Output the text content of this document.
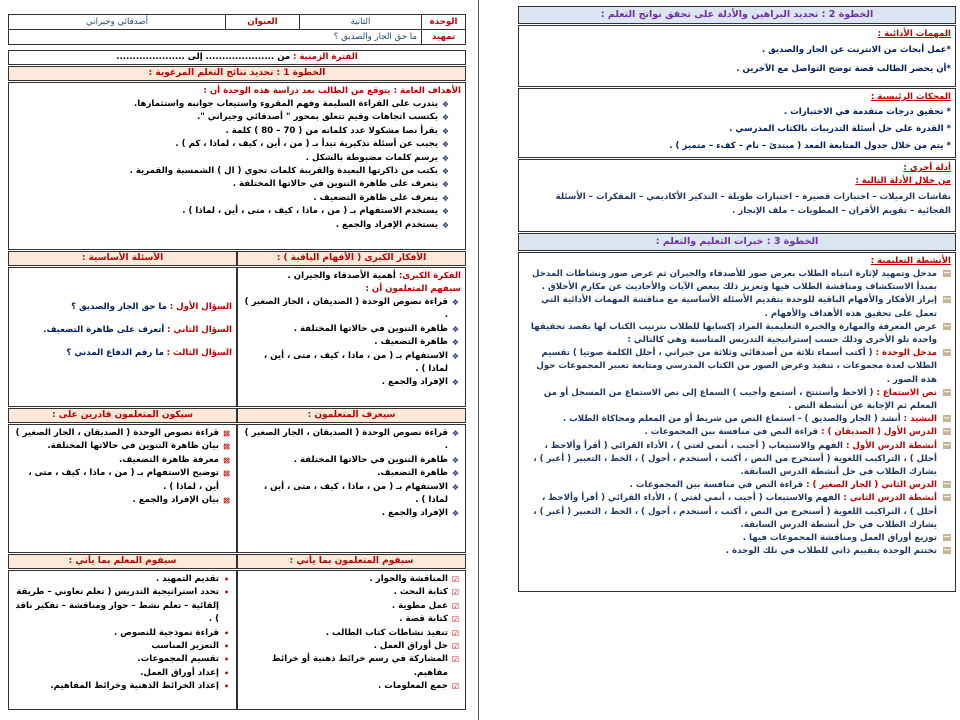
الوحدة	الثانية	العنوان	أصدقائي وجيراني
تمهيد	ما حق الجار والصديق ؟		
الفترة الزمنية : من ..................... إلى .....................
الخطوة 1 : تحديد نتائج التعلم المرغوبة :
الأهداف العامة : يتوقع من الطالب بعد دراسة هذه الوحدة أن :
❖
يتدرب على القراءة السليمة وفهم المقروء واستيعاب جوانبه واستثمارها.
❖
يكتسب اتجاهات وقيم تتعلق بمحور " أصدقائي وجيراني ".
❖
يقرأ نصا مشكولا عدد كلماته من ( 70 – 80 ) كلمة .
❖
يجيب عن أسئلة تذكيرية تبدأ بـ ( من ، أين ، كيف ، لماذا ، كم ) .
❖
يرسم كلمات مضبوطة بالشكل .
❖
يكتب من ذاكرتها البعيدة والقريبة كلمات تحوي ( ال ) الشمسية والقمرية .
❖
يتعرف على ظاهرة التنوين في حالاتها المختلفة .
❖
يتعرف على ظاهرة التضعيف .
❖
يستخدم الاستفهام بـ ( من ، ماذا ، كيف ، متى ، أين ، لماذا ) .
❖
يستخدم الإفراد والجمع .
الأفكار الكبرى ( الأفهام الباقية ) :
الأسئلة الأساسية :
الفكرة الكبرى: أهمية الأصدقاء والجيران .
سيفهم المتعلمون أن :
❖
قراءة نصوص الوحدة ( الصديقان ، الجار الصغير ) .
❖
ظاهرة التنوين في حالاتها المختلفة .
❖
ظاهرة التضعيف .
❖
الاستفهام بـ ( من ، ماذا ، كيف ، متى ، أين ، لماذا ) .
❖
الإفراد والجمع .
السؤال الأول : ما حق الجار والصديق ؟
السؤال الثاني : أتعرف على ظاهرة التضعيف.
السؤال الثالث : ما رقم الدفاع المدني ؟
سيعرف المتعلمون :
سيكون المتعلمون قادرين على :
❖
قراءة نصوص الوحدة ( الصديقان ، الجار الصغير ) .
❖
ظاهرة التنوين في حالاتها المختلفة .
❖
ظاهرة التضعيف.
❖
الاستفهام بـ ( من ، ماذا ، كيف ، متى ، أين ، لماذا ) .
❖
الإفراد والجمع .
⊠
قراءة نصوص الوحدة ( الصديقان ، الجار الصغير )
⊠
بيان ظاهرة التنوين في حالاتها المختلفة.
⊠
معرفة ظاهرة التضعيف.
⊠
توضيح الاستفهام بـ ( من ، ماذا ، كيف ، متى ، أين ، لماذا ) .
⊠
بيان الإفراد والجمع .
سيقوم المتعلمون بما يأتي :
سيقوم المعلم بما يأتي :
☑
المناقشة والحوار .
☑
كتابة البحث .
☑
عمل مطوية .
☑
كتابة قصة .
☑
تنفيذ نشاطات كتاب الطالب .
☑
حل أوراق العمل .
☑
المشاركة في رسم خرائط ذهنية أو خرائط مفاهيم.
☑
جمع المعلومات .
•
تقديم التمهيد .
•
تحدد استراتيجية التدريس ( تعلم تعاوني – طريقة إلقائية – تعلم نشط – حوار ومناقشة – تفكير ناقد ) .
•
قراءة نموذجية للنصوص .
•
التعزيز المناسب
•
تقسيم المجموعات.
•
إعداد أوراق العمل.
•
إعداد الخرائط الذهنية وخرائط المفاهيم.
الخطوة 2 : تحديد البراهين والأدلة على تحقق نواتج التعلم :
المهمات الأدائية :
*عمل أبحاث من الانترنت عن الجار والصديق .
*أن يحضر الطالب قصة توضح التواصل مع الآخرين .
المحكات الرئيسية :
* تحقيق درجات متقدمة في الاختبارات .
* القدرة على حل أسئلة التدريبات بالكتاب المدرسي .
* يتم من خلال جدول المتابعة المعد ( مبتدئ – نام – كفء – متميز ) .
أدلة أخرى :
من خلال الأدلة التالية :
نقاشات الزميلات – اختبارات قصيرة – اختبارات طويلة – التذكير الأكاديمي – المفكرات – الأسئلة الفجائية – تقويم الأقران – المطويات – ملف الإنجاز .
الخطوة 3 : خبرات التعليم والتعلم :
الأنشطة التعليمية :
▤
مدخل وتمهيد لإثارة انتباه الطلاب بعرض صور للأصدقاء والجيران ثم عرض صور ونشاطات المدخل بمبدأ الاستكشاف ومناقشة الطلاب فيها وتعزيز ذلك ببعض الآيات والأحاديث عن مكارم الأخلاق .
▤
إبراز الأفكار والأفهام الباقية للوحدة بتقديم الأسئلة الأساسية مع مناقشة المهمات الأدائية التي تعمل على تحقيق هذه الأهداف والأفهام .
▤
عرض المعرفة والمهارة والخبرة التعليمية المراد إكسابها للطلاب بترتيب الكتاب لها بقصد تحقيقها واحدة تلو الأخرى وذلك حسب إستراتيجية التدريس المناسبة وهي كالتالي :
▤
مدخل الوحدة : ( أكتب أسماء ثلاثة من أصدقائي وثلاثة من جيراني ، أحلل الكلمة صوتيا ) تقسيم الطلاب لعدة مجموعات ، تنفيذ وعرض الصور من الكتاب المدرسي ومتابعة تعبير المجموعات حول هذه الصور .
▤
نص الاستماع : ( ألاحظ وأستنتج ، أستمع وأجيب ) السماع إلى نص الاستماع من المسجل أو من المعلم ثم الإجابة عن أنشطة النص .
▤
النشيد : أنشد ( الجار والصديق ) - استماع النص من شريط أو من المعلم ومحاكاة الطلاب .
▤
الدرس الأول ( الصديقان ) : قراءة النص في منافسة بين المجموعات .
▤
أنشطة الدرس الأول : الفهم والاستيعاب ( أجيب ، أنمي لغتي ) ، الأداء القرائي ( أقرأ وألاحظ ، أحلل ) ، التراكيب اللغوية ( أستخرج من النص ، أكتب ، أستخدم ، أحول ) ، الخط ، التعبير ( أعبر ) ، يشارك الطلاب في حل أنشطة الدرس السابقة.
▤
الدرس الثاني ( الجار الصغير ) : قراءة النص في منافسة بين المجموعات .
▤
أنشطة الدرس الثاني : الفهم والاستيعاب ( أجيب ، أنمي لغتي ) ، الأداء القرائي ( أقرأ وألاحظ ، أحلل ) ، التراكيب اللغوية ( أستخرج من النص ، أكتب ، أستخدم ، أحول ) ، الخط ، التعبير ( أعبر ) ، يشارك الطلاب في حل أنشطة الدرس السابقة.
▤
توزيع أوراق العمل ومناقشة المجموعات فيها .
▤
تختتم الوحدة بتقييم ذاتي للطلاب في تلك الوحدة .
